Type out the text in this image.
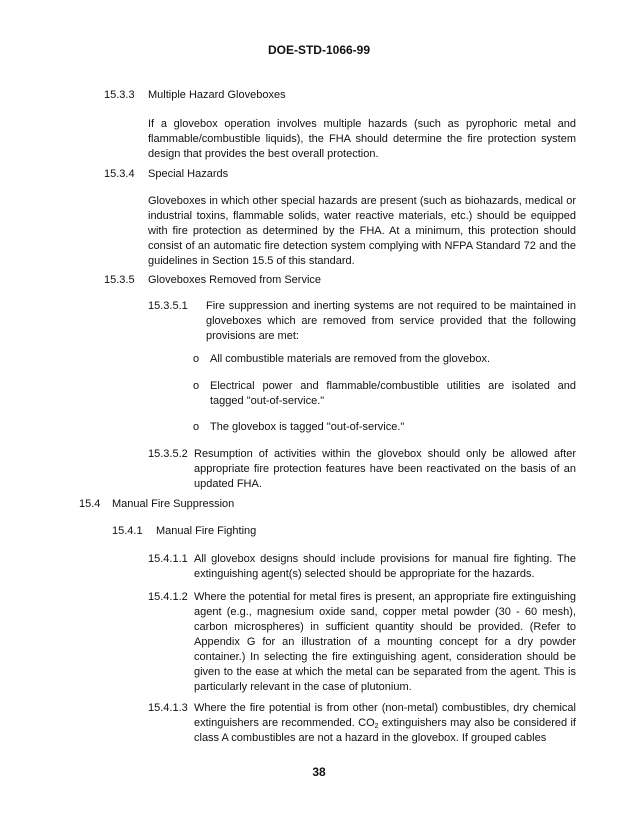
DOE-STD-1066-99
15.3.3 Multiple Hazard Gloveboxes
If a glovebox operation involves multiple hazards (such as pyrophoric metal and flammable/combustible liquids), the FHA should determine the fire protection system design that provides the best overall protection.
15.3.4 Special Hazards
Gloveboxes in which other special hazards are present (such as biohazards, medical or industrial toxins, flammable solids, water reactive materials, etc.) should be equipped with fire protection as determined by the FHA. At a minimum, this protection should consist of an automatic fire detection system complying with NFPA Standard 72 and the guidelines in Section 15.5 of this standard.
15.3.5 Gloveboxes Removed from Service
15.3.5.1 Fire suppression and inerting systems are not required to be maintained in gloveboxes which are removed from service provided that the following provisions are met:
o All combustible materials are removed from the glovebox.
o Electrical power and flammable/combustible utilities are isolated and tagged "out-of-service."
o The glovebox is tagged "out-of-service."
15.3.5.2 Resumption of activities within the glovebox should only be allowed after appropriate fire protection features have been reactivated on the basis of an updated FHA.
15.4 Manual Fire Suppression
15.4.1 Manual Fire Fighting
15.4.1.1 All glovebox designs should include provisions for manual fire fighting. The extinguishing agent(s) selected should be appropriate for the hazards.
15.4.1.2 Where the potential for metal fires is present, an appropriate fire extinguishing agent (e.g., magnesium oxide sand, copper metal powder (30 - 60 mesh), carbon microspheres) in sufficient quantity should be provided. (Refer to Appendix G for an illustration of a mounting concept for a dry powder container.) In selecting the fire extinguishing agent, consideration should be given to the ease at which the metal can be separated from the agent. This is particularly relevant in the case of plutonium.
15.4.1.3 Where the fire potential is from other (non-metal) combustibles, dry chemical extinguishers are recommended. $CO_2$ extinguishers may also be considered if class A combustibles are not a hazard in the glovebox. If grouped cables
38
